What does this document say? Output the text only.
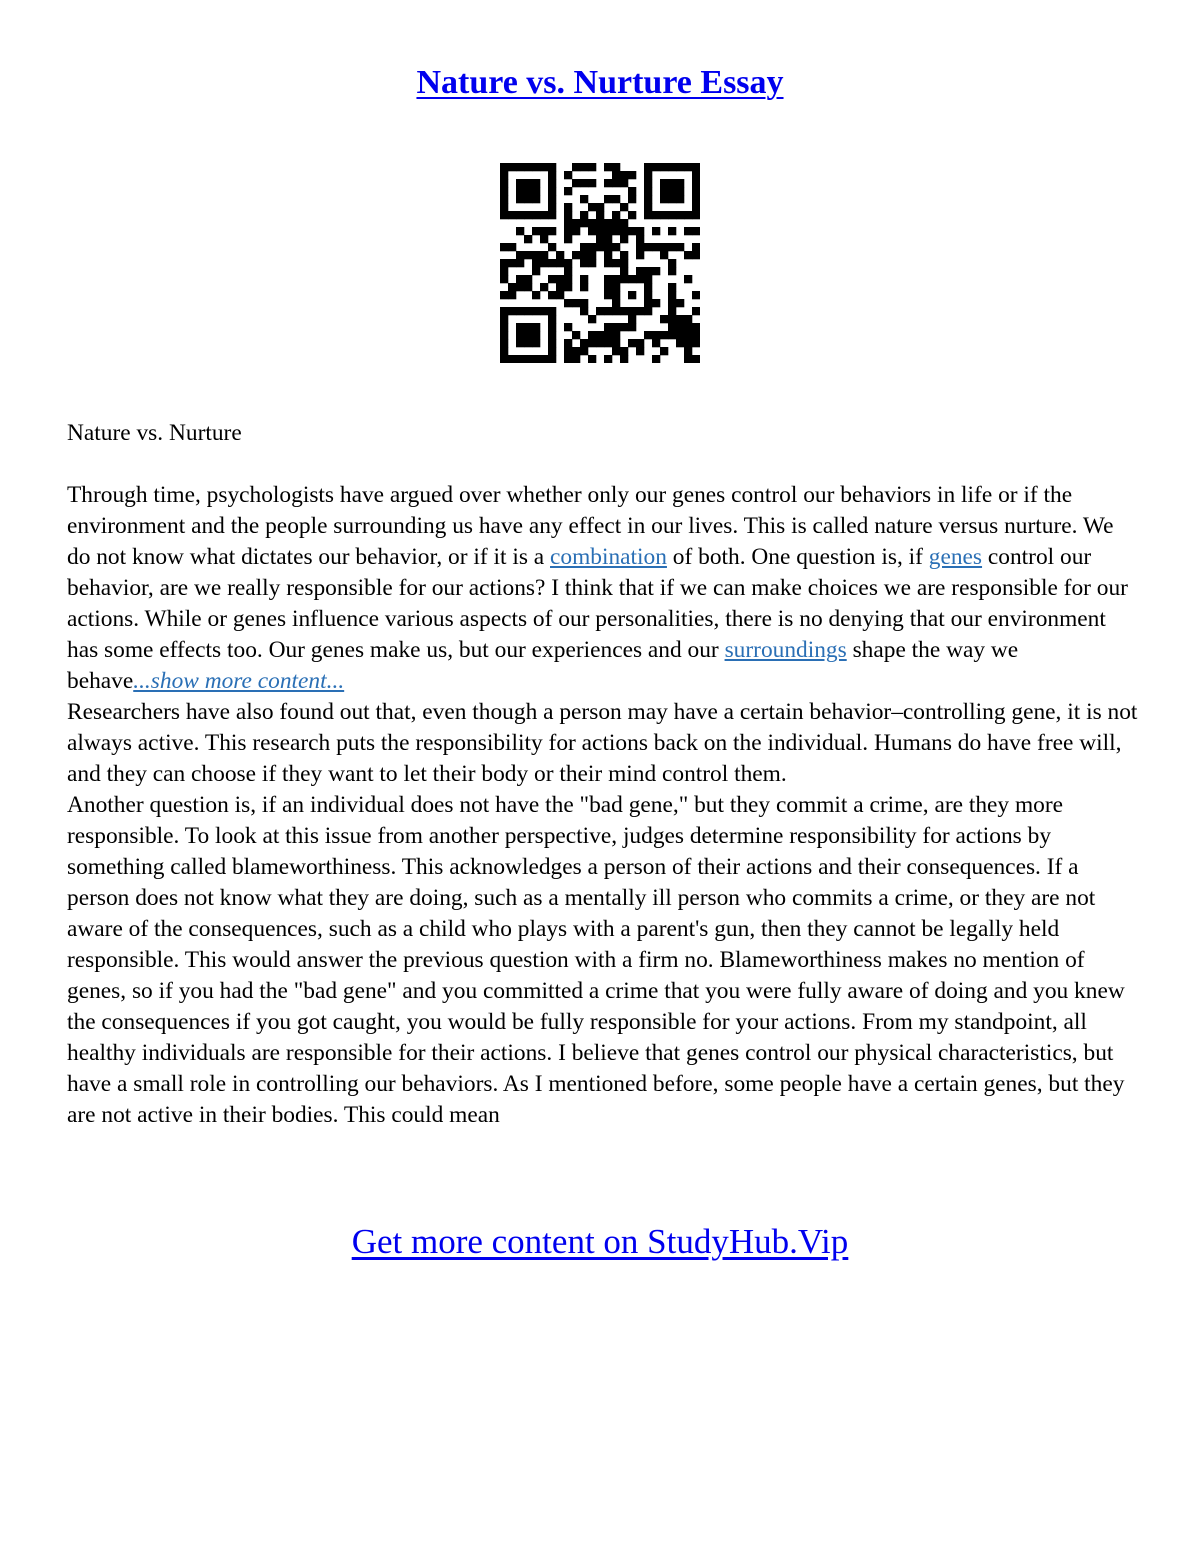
Nature vs. Nurture Essay

Nature vs. Nurture

Through time, psychologists have argued over whether only our genes control our behaviors in life or if the environment and the people surrounding us have any effect in our lives. This is called nature versus nurture. We do not know what dictates our behavior, or if it is a combination of both. One question is, if genes control our behavior, are we really responsible for our actions? I think that if we can make choices we are responsible for our actions. While or genes influence various aspects of our personalities, there is no denying that our environment has some effects too. Our genes make us, but our experiences and our surroundings shape the way we behave...show more content...

Researchers have also found out that, even though a person may have a certain behavior–controlling gene, it is not always active. This research puts the responsibility for actions back on the individual. Humans do have free will, and they can choose if they want to let their body or their mind control them.

Another question is, if an individual does not have the "bad gene," but they commit a crime, are they more responsible. To look at this issue from another perspective, judges determine responsibility for actions by something called blameworthiness. This acknowledges a person of their actions and their consequences. If a person does not know what they are doing, such as a mentally ill person who commits a crime, or they are not aware of the consequences, such as a child who plays with a parent's gun, then they cannot be legally held responsible. This would answer the previous question with a firm no. Blameworthiness makes no mention of genes, so if you had the "bad gene" and you committed a crime that you were fully aware of doing and you knew the consequences if you got caught, you would be fully responsible for your actions. From my standpoint, all healthy individuals are responsible for their actions. I believe that genes control our physical characteristics, but have a small role in controlling our behaviors. As I mentioned before, some people have a certain genes, but they are not active in their bodies. This could mean

Get more content on StudyHub.Vip
